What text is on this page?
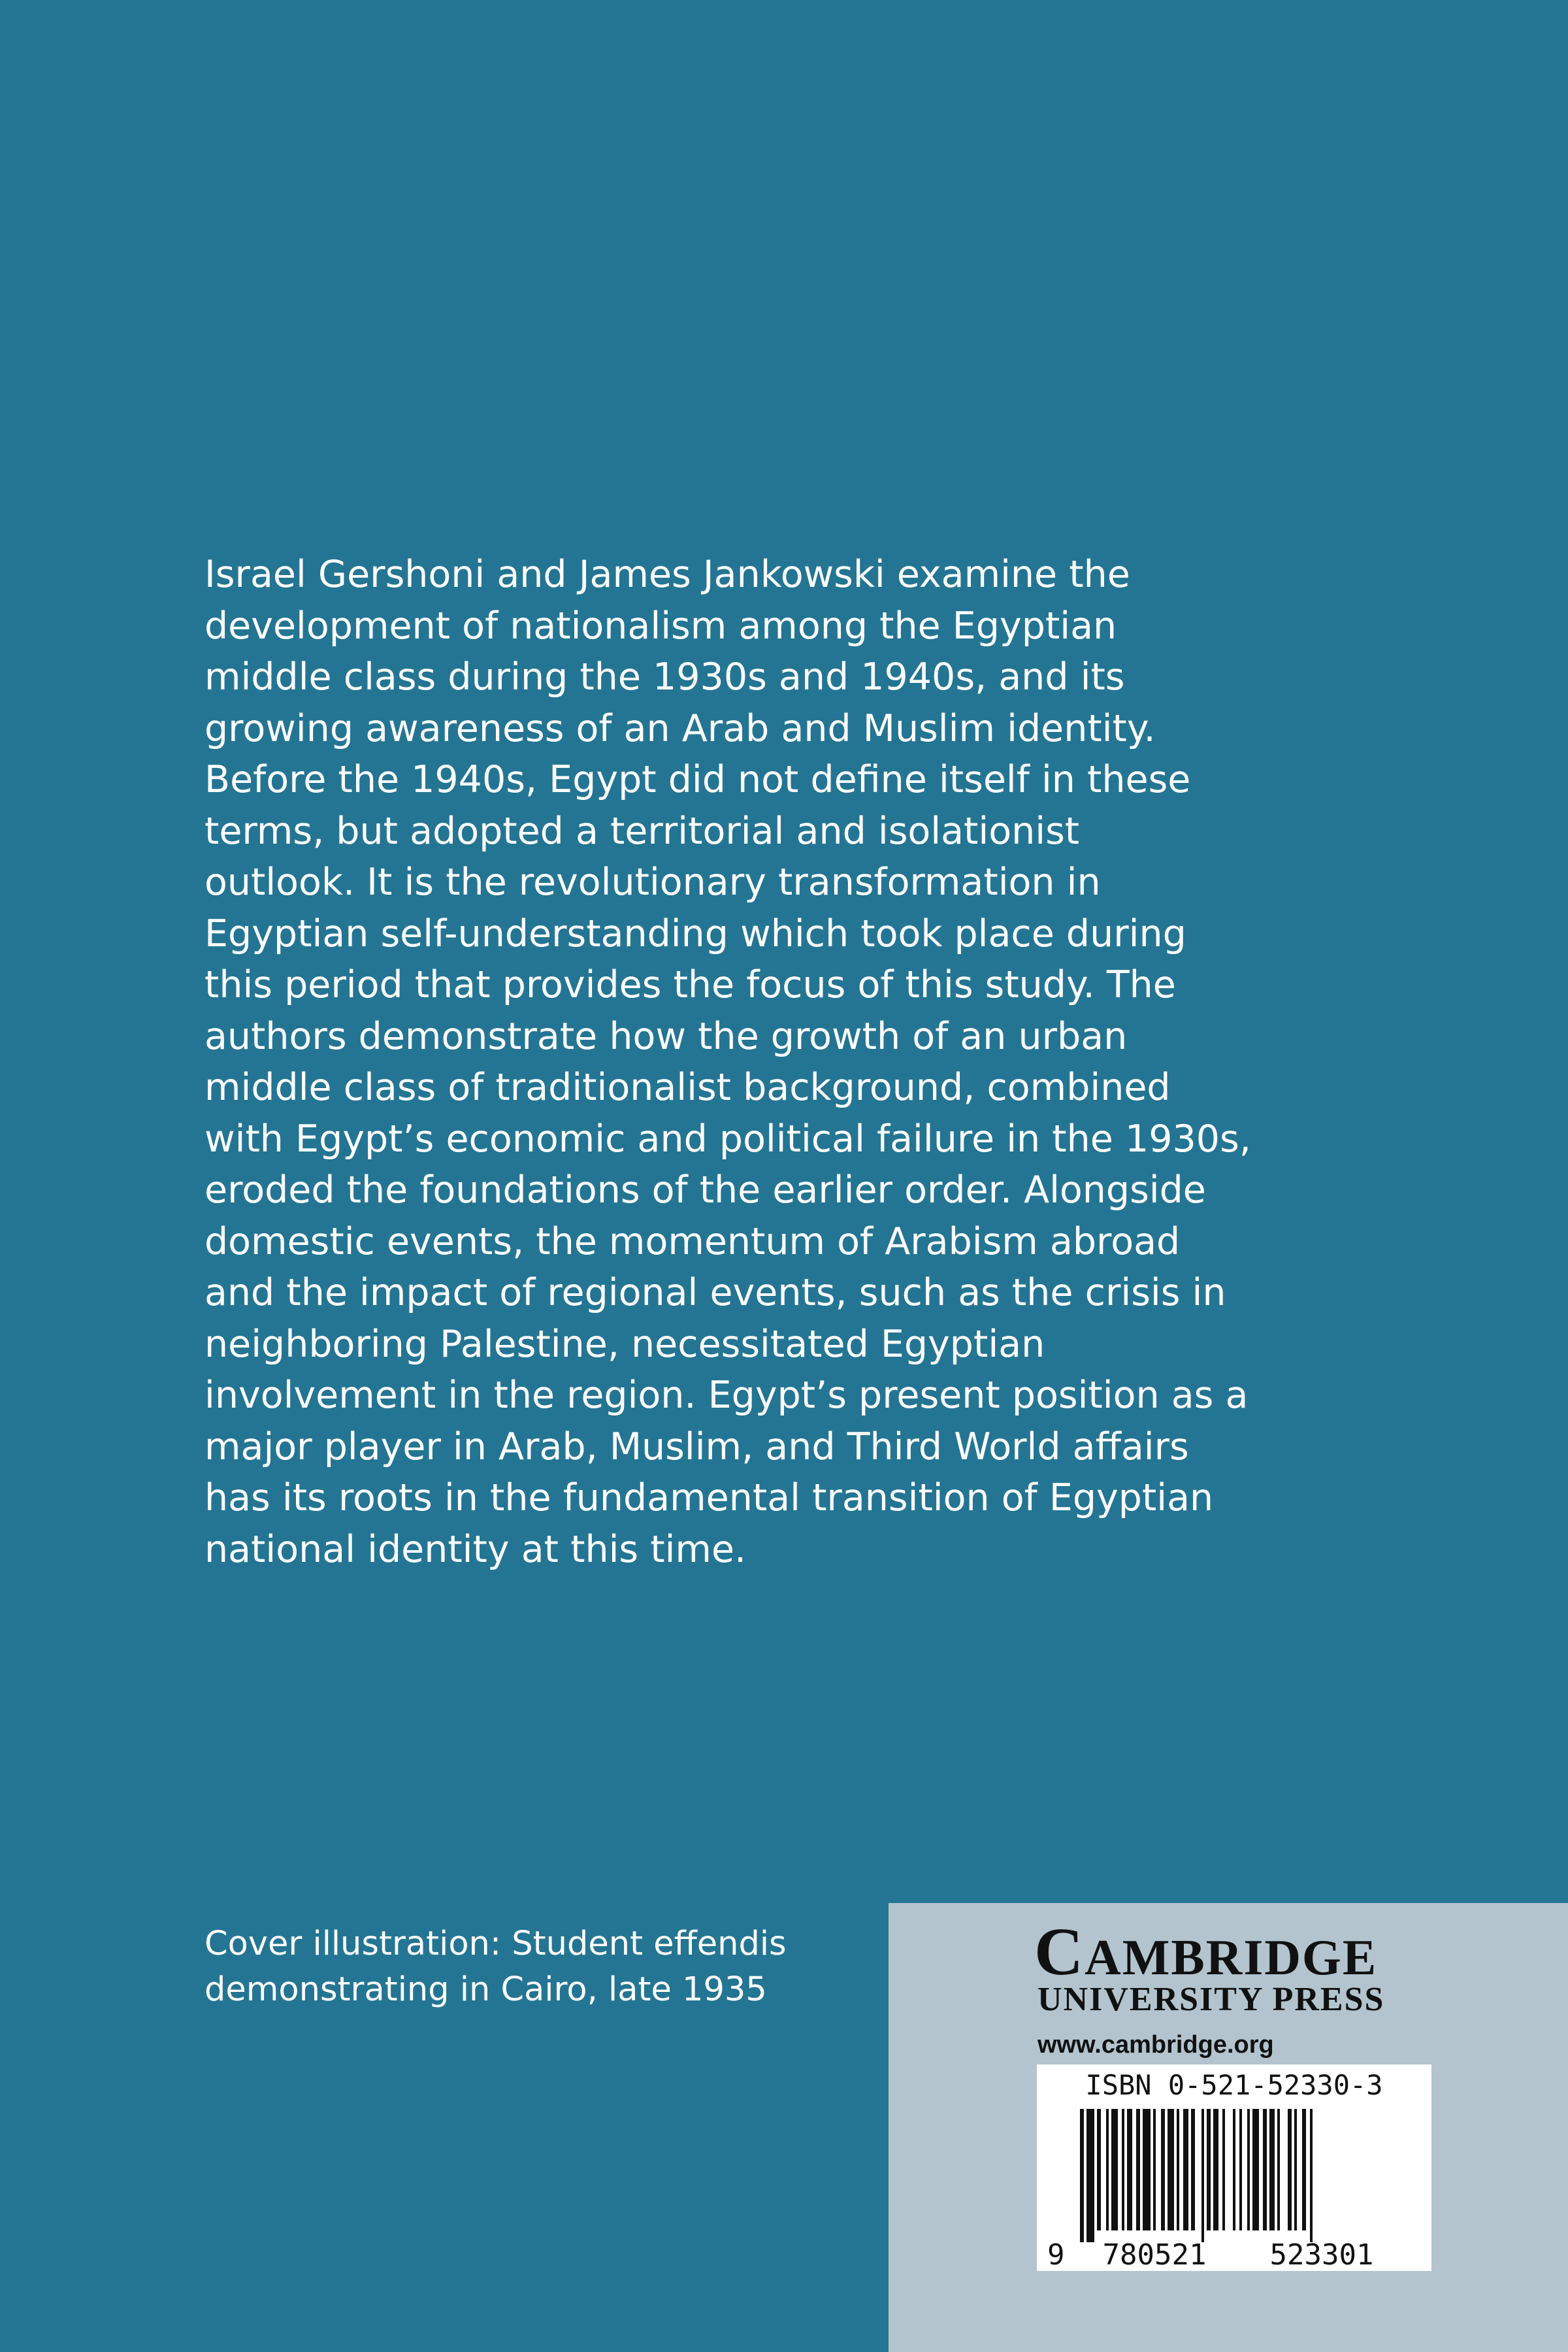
Israel Gershoni and James Jankowski examine the
development of nationalism among the Egyptian
middle class during the 1930s and 1940s, and its
growing awareness of an Arab and Muslim identity.
Before the 1940s, Egypt did not define itself in these
terms, but adopted a territorial and isolationist
outlook. It is the revolutionary transformation in
Egyptian self-understanding which took place during
this period that provides the focus of this study. The
authors demonstrate how the growth of an urban
middle class of traditionalist background, combined
with Egypt’s economic and political failure in the 1930s,
eroded the foundations of the earlier order. Alongside
domestic events, the momentum of Arabism abroad
and the impact of regional events, such as the crisis in
neighboring Palestine, necessitated Egyptian
involvement in the region. Egypt’s present position as a
major player in Arab, Muslim, and Third World affairs
has its roots in the fundamental transition of Egyptian
national identity at this time.
Cover illustration: Student effendis
demonstrating in Cairo, late 1935
CAMBRIDGE
UNIVERSITY PRESS
www.cambridge.org
ISBN 0-521-52330-3
9 780521 523301
